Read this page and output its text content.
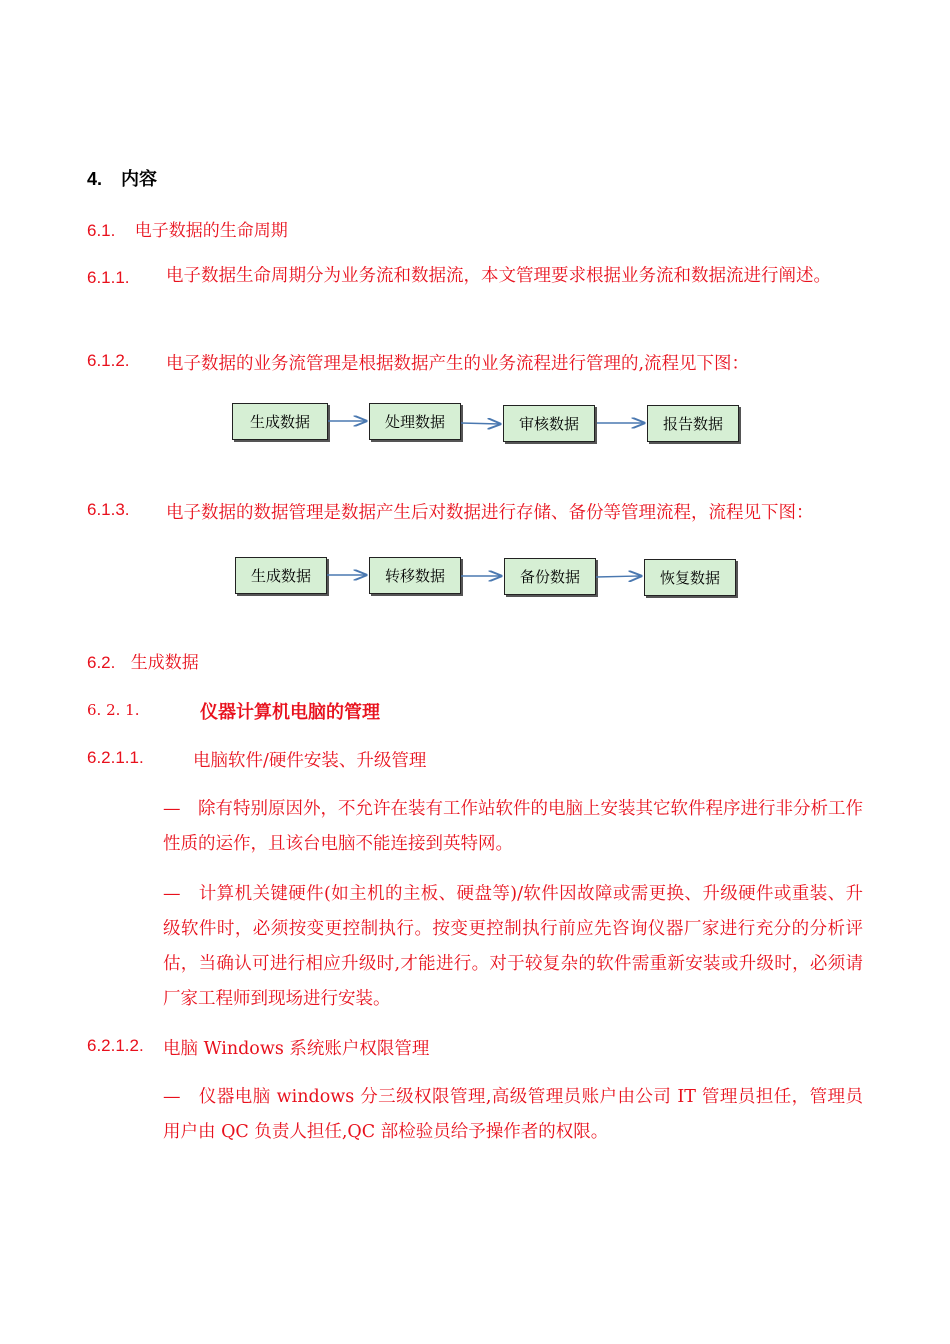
4. 内容
6.1. 电子数据的生命周期
6.1.1. 电子数据生命周期分为业务流和数据流，本文管理要求根据业务流和数据流进行阐述。
6.1.2. 电子数据的业务流管理是根据数据产生的业务流程进行管理的,流程见下图：
生成数据	处理数据	审核数据	报告数据
6.1.3. 电子数据的数据管理是数据产生后对数据进行存储、备份等管理流程，流程见下图：
生成数据	转移数据	备份数据	恢复数据
6.2. 生成数据
6. 2. 1.	仪器计算机电脑的管理
6.2.1.1.	电脑软件/硬件安装、升级管理
—　除有特别原因外，不允许在装有工作站软件的电脑上安装其它软件程序进行非分析工作性质的运作，且该台电脑不能连接到英特网。
—　计算机关键硬件(如主机的主板、硬盘等)/软件因故障或需更换、升级硬件或重装、升级软件时，必须按变更控制执行。按变更控制执行前应先咨询仪器厂家进行充分的分析评估，当确认可进行相应升级时,才能进行。对于较复杂的软件需重新安装或升级时，必须请厂家工程师到现场进行安装。
6.2.1.2. 电脑 Windows 系统账户权限管理
—　仪器电脑 windows 分三级权限管理,高级管理员账户由公司 IT 管理员担任，管理员用户由 QC 负责人担任,QC 部检验员给予操作者的权限。
